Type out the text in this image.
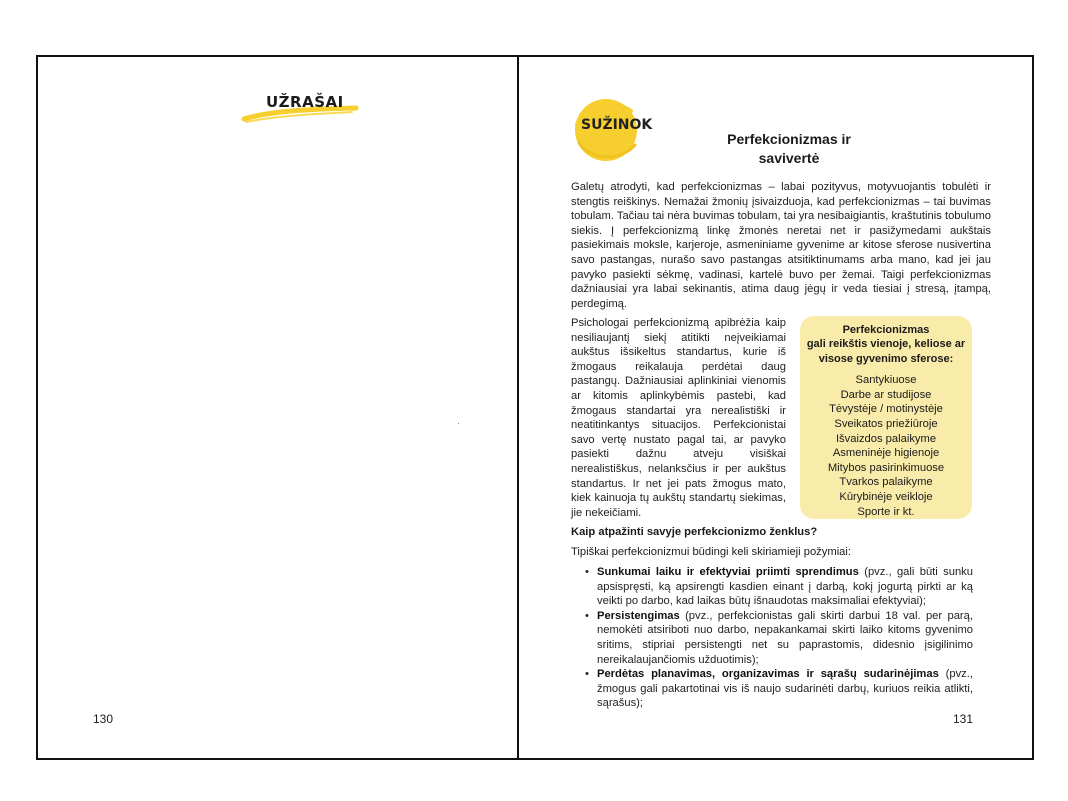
UŽRAŠAI
130
SUŽINOK
Perfekcionizmas ir
savivertė
Galetų atrodyti, kad perfekcionizmas – labai pozityvus, motyvuojantis tobulėti ir stengtis reiškinys. Nemažai žmonių įsivaizduoja, kad perfekcionizmas – tai buvimas tobulam. Tačiau tai nėra buvimas tobulam, tai yra nesibaigiantis, kraštutinis tobulumo siekis. Į perfekcionizmą linkę žmonės neretai net ir pasižymedami aukštais pasiekimais moksle, karjeroje, asmeniniame gyvenime ar kitose sferose nusivertina savo pastangas, nurašo savo pastangas atsitiktinumams arba mano, kad jei jau pavyko pasiekti sėkmę, vadinasi, kartelė buvo per žemai. Taigi perfekcionizmas dažniausiai yra labai sekinantis, atima daug jėgų ir veda tiesiai į stresą, įtampą, perdegimą.
Psichologai perfekcionizmą apibrėžia kaip nesiliaujantį siekį atitikti neįveikiamai aukštus išsikeltus standartus, kurie iš žmogaus reikalauja perdėtai daug pastangų. Dažniausiai aplinkiniai vienomis ar kitomis aplinkybėmis pastebi, kad žmogaus standartai yra nerealistiški ir neatitinkantys situacijos. Perfekcionistai savo vertę nustato pagal tai, ar pavyko pasiekti dažnu atveju visiškai nerealistiškus, nelanksčius ir per aukštus standartus. Ir net jei pats žmogus mato, kiek kainuoja tų aukštų standartų siekimas, jie nekeičiami.
Perfekcionizmas
gali reikštis vienoje, keliose ar
visose gyvenimo sferose:
Santykiuose
Darbe ar studijose
Tėvystėje / motinystėje
Sveikatos priežiūroje
Išvaizdos palaikyme
Asmeninėje higienoje
Mitybos pasirinkimuose
Tvarkos palaikyme
Kūrybinėje veikloje
Sporte ir kt.
Kaip atpažinti savyje perfekcionizmo ženklus?
Tipiškai perfekcionizmui būdingi keli skiriamieji požymiai:
• Sunkumai laiku ir efektyviai priimti sprendimus (pvz., gali būti sunku apsispręsti, ką apsirengti kasdien einant į darbą, kokį jogurtą pirkti ar ką veikti po darbo, kad laikas būtų išnaudotas maksimaliai efektyviai);
• Persistengimas (pvz., perfekcionistas gali skirti darbui 18 val. per parą, nemokėti atsiriboti nuo darbo, nepakankamai skirti laiko kitoms gyvenimo sritims, stipriai persistengti net su paprastomis, didesnio įsigilinimo nereikalaujančiomis užduotimis);
• Perdėtas planavimas, organizavimas ir sąrašų sudarinėjimas (pvz., žmogus gali pakartotinai vis iš naujo sudarinėti darbų, kuriuos reikia atlikti, sąrašus);
131
